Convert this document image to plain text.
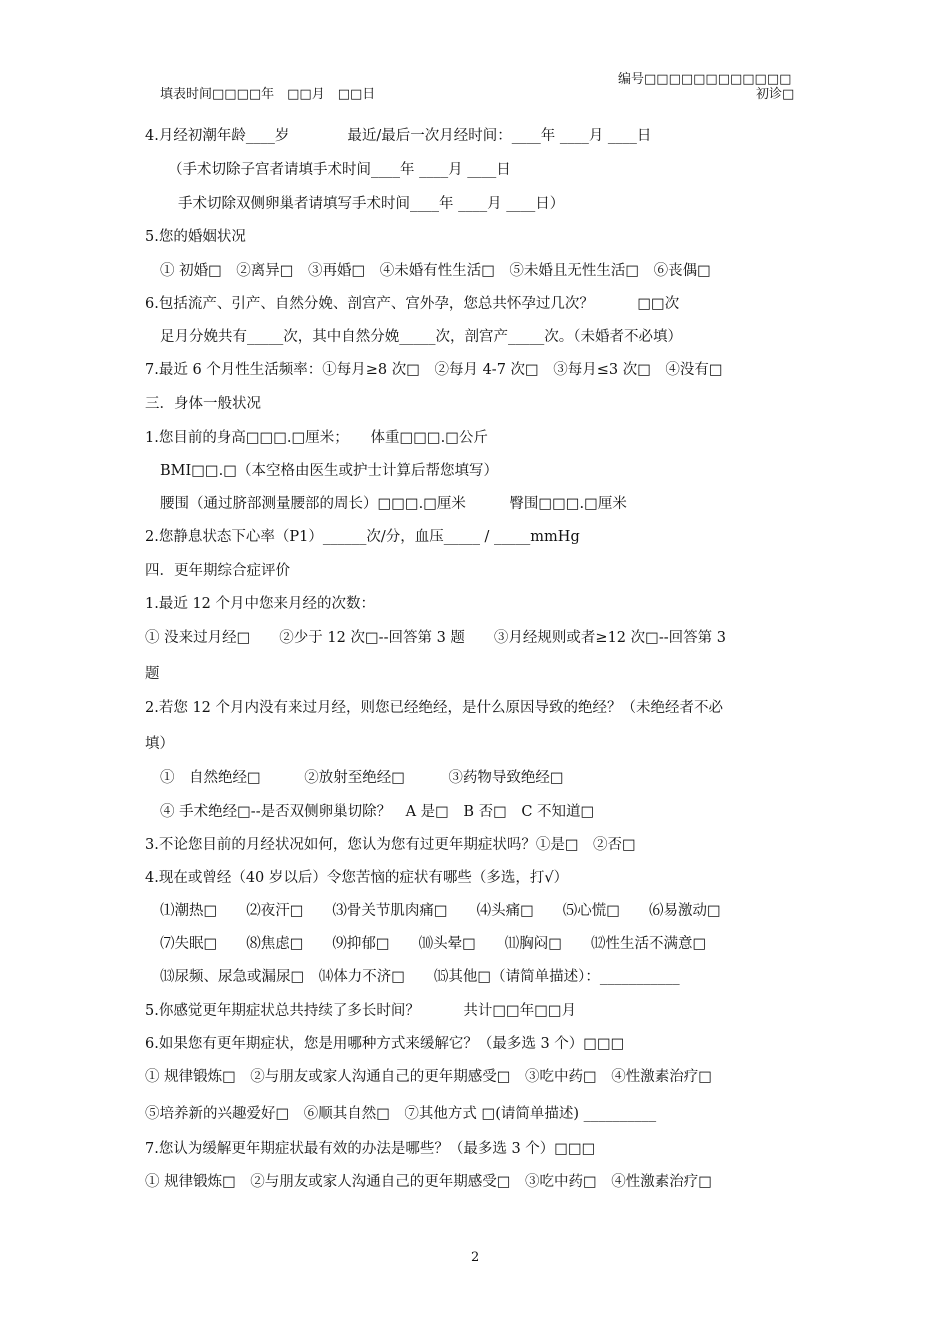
编号□□□□□□□□□□□□
填表时间□□□□年　□□月　□□日	初诊□
4.月经初潮年龄____岁　　　　最近/最后一次月经时间：____年 ____月 ____日
（手术切除子宫者请填手术时间____年 ____月 ____日
手术切除双侧卵巢者请填写手术时间____年 ____月 ____日）
5.您的婚姻状况
① 初婚□　②离异□　③再婚□　④未婚有性生活□　⑤未婚且无性生活□　⑥丧偶□
6.包括流产、引产、自然分娩、剖宫产、宫外孕，您总共怀孕过几次？　　　□□次
足月分娩共有_____次，其中自然分娩_____次，剖宫产_____次。（未婚者不必填）
7.最近 6 个月性生活频率：①每月≥8 次□　②每月 4-7 次□　③每月≤3 次□　④没有□
三．身体一般状况
1.您目前的身高□□□.□厘米；　　体重□□□.□公斤
BMI□□.□（本空格由医生或护士计算后帮您填写）
腰围（通过脐部测量腰部的周长）□□□.□厘米　　　臀围□□□.□厘米
2.您静息状态下心率（P1）______次/分，血压_____ / _____mmHg
四．更年期综合症评价
1.最近 12 个月中您来月经的次数：
① 没来过月经□　　②少于 12 次□--回答第 3 题　　③月经规则或者≥12 次□--回答第 3
题
2.若您 12 个月内没有来过月经，则您已经绝经，是什么原因导致的绝经？（未绝经者不必
填）
①　自然绝经□　　　②放射至绝经□　　　③药物导致绝经□
④ 手术绝经□--是否双侧卵巢切除？　A 是□　B 否□　C 不知道□
3.不论您目前的月经状况如何，您认为您有过更年期症状吗？①是□　②否□
4.现在或曾经（40 岁以后）令您苦恼的症状有哪些（多选，打√）
⑴潮热□　　⑵夜汗□　　⑶骨关节肌肉痛□　　⑷头痛□　　⑸心慌□　　⑹易激动□
⑺失眠□　　⑻焦虑□　　⑼抑郁□　　⑽头晕□　　⑾胸闷□　　⑿性生活不满意□
⒀尿频、尿急或漏尿□　⒁体力不济□　　⒂其他□（请简单描述）：___________
5.你感觉更年期症状总共持续了多长时间？　　　共计□□年□□月
6.如果您有更年期症状，您是用哪种方式来缓解它？（最多选 3 个）□□□
① 规律锻炼□　②与朋友或家人沟通自己的更年期感受□　③吃中药□　④性激素治疗□
⑤培养新的兴趣爱好□　⑥顺其自然□　⑦其他方式 □(请简单描述) __________
7.您认为缓解更年期症状最有效的办法是哪些？（最多选 3 个）□□□
① 规律锻炼□　②与朋友或家人沟通自己的更年期感受□　③吃中药□　④性激素治疗□
2
